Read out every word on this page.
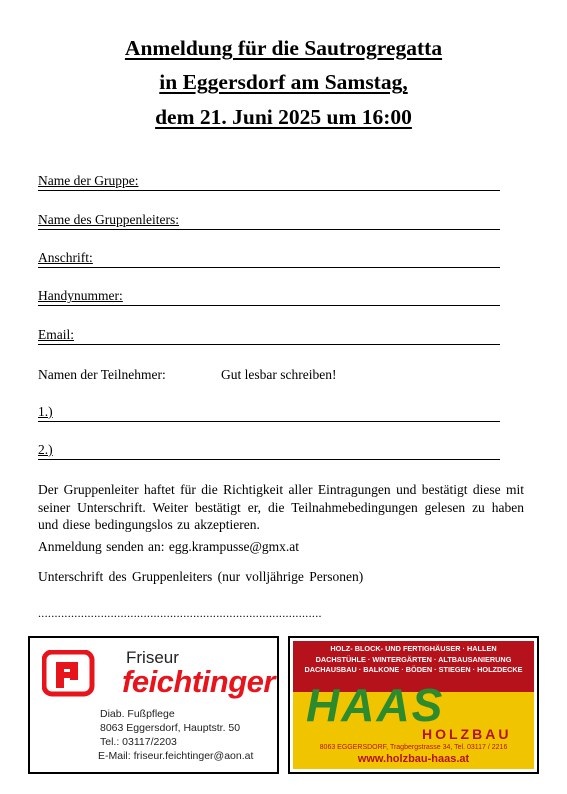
Anmeldung für die Sautrogregatta
in Eggersdorf am Samstag,
dem 21. Juni 2025 um 16:00
Name der Gruppe:
Name des Gruppenleiters:
Anschrift:
Handynummer:
Email:
Namen der Teilnehmer:	Gut lesbar schreiben!
1.)
2.)
Der Gruppenleiter haftet für die Richtigkeit aller Eintragungen und bestätigt diese mit seiner Unterschrift. Weiter bestätigt er, die Teilnahmebedingungen gelesen zu haben und diese bedingungslos zu akzeptieren.
Anmeldung senden an: egg.krampusse@gmx.at
Unterschrift des Gruppenleiters (nur volljährige Personen)
......................................................................................
Friseur
feichtinger
Diab. Fußpflege
8063 Eggersdorf, Hauptstr. 50
Tel.: 03117/2203
E-Mail: friseur.feichtinger@aon.at
HOLZ- BLOCK- UND FERTIGHÄUSER · HALLEN
DACHSTÜHLE · WINTERGÄRTEN · ALTBAUSANIERUNG
DACHAUSBAU · BALKONE · BÖDEN · STIEGEN · HOLZDECKE
HAAS
HOLZBAU
8063 EGGERSDORF, Tragbergstrasse 34, Tel. 03117 / 2216
www.holzbau-haas.at
